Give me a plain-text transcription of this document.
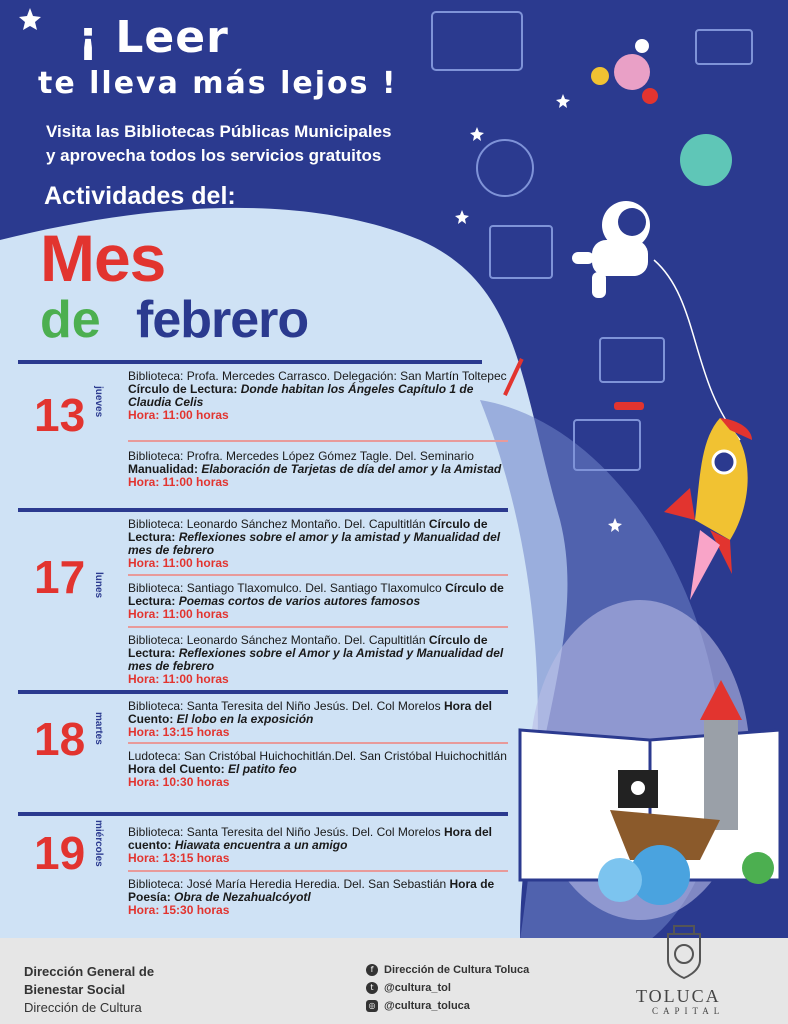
¡ Leer
te lleva más lejos !
Visita las Bibliotecas Públicas Municipales
y aprovecha todos los servicios gratuitos
Actividades del:
Mes
de febrero
13 jueves
Biblioteca: Profa. Mercedes Carrasco. Delegación: San Martín Toltepec Círculo de Lectura: Donde habitan los Ángeles Capítulo 1 de Claudia Celis
Hora: 11:00 horas
Biblioteca: Profra. Mercedes López Gómez Tagle. Del. Seminario Manualidad: Elaboración de Tarjetas de día del amor y la Amistad
Hora: 11:00 horas
17 lunes
Biblioteca: Leonardo Sánchez Montaño. Del. Capultitlán Círculo de Lectura: Reflexiones sobre el amor y la amistad y Manualidad del mes de febrero
Hora: 11:00 horas
Biblioteca: Santiago Tlaxomulco. Del. Santiago Tlaxomulco Círculo de Lectura: Poemas cortos de varios autores famosos
Hora: 11:00 horas
Biblioteca: Leonardo Sánchez Montaño. Del. Capultitlán Círculo de Lectura: Reflexiones sobre el Amor y la Amistad y Manualidad del mes de febrero
Hora: 11:00 horas
18 martes
Biblioteca: Santa Teresita del Niño Jesús. Del. Col Morelos Hora del Cuento: El lobo en la exposición
Hora: 13:15 horas
Ludoteca: San Cristóbal Huichochitlán.Del. San Cristóbal Huichochitlán Hora del Cuento: El patito feo
Hora: 10:30 horas
19 miércoles Biblioteca: Santa Teresita del Niño Jesús. Del. Col Morelos Hora del cuento: Hiawata encuentra a un amigo
Hora: 13:15 horas
Biblioteca: José María Heredia Heredia. Del. San Sebastián Hora de Poesía: Obra de Nezahualcóyotl
Hora: 15:30 horas
Dirección General de
Bienestar Social
Dirección de Cultura
f Dirección de Cultura Toluca
t @cultura_tol
◎ @cultura_toluca	TOLUCA
CAPITAL
